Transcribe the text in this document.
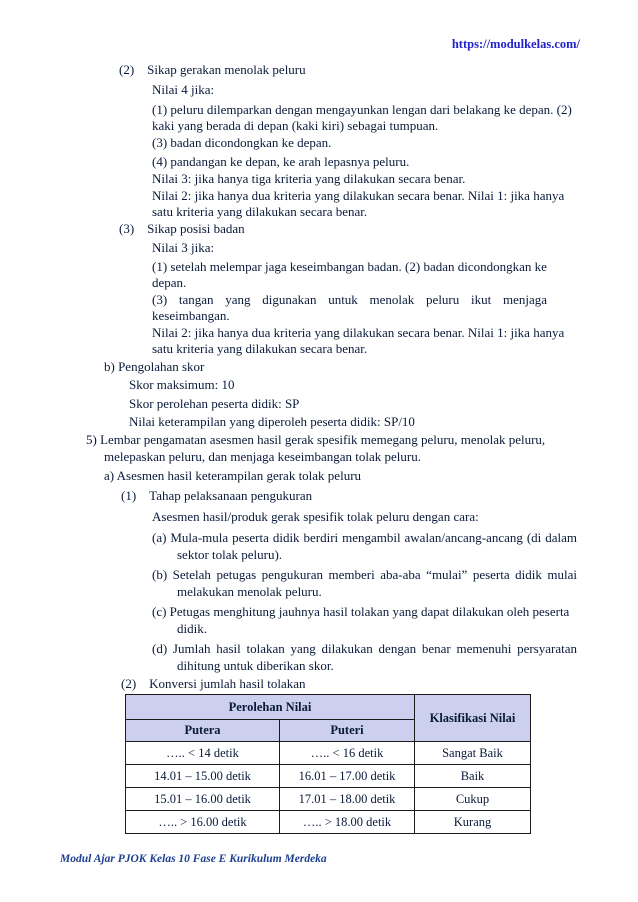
https://modulkelas.com/
(2) Sikap gerakan menolak peluru
Nilai 4 jika:
(1) peluru dilemparkan dengan mengayunkan lengan dari belakang ke depan. (2)
kaki yang berada di depan (kaki kiri) sebagai tumpuan.
(3) badan dicondongkan ke depan.
(4) pandangan ke depan, ke arah lepasnya peluru.
Nilai 3: jika hanya tiga kriteria yang dilakukan secara benar.
Nilai 2: jika hanya dua kriteria yang dilakukan secara benar. Nilai 1: jika hanya
satu kriteria yang dilakukan secara benar.
(3) Sikap posisi badan
Nilai 3 jika:
(1) setelah melempar jaga keseimbangan badan. (2) badan dicondongkan ke
depan.
(3) tangan yang digunakan untuk menolak peluru ikut menjaga
keseimbangan.
Nilai 2: jika hanya dua kriteria yang dilakukan secara benar. Nilai 1: jika hanya
satu kriteria yang dilakukan secara benar.
b) Pengolahan skor
Skor maksimum: 10
Skor perolehan peserta didik: SP
Nilai keterampilan yang diperoleh peserta didik: SP/10
5) Lembar pengamatan asesmen hasil gerak spesifik memegang peluru, menolak peluru,
melepaskan peluru, dan menjaga keseimbangan tolak peluru.
a) Asesmen hasil keterampilan gerak tolak peluru
(1) Tahap pelaksanaan pengukuran
Asesmen hasil/produk gerak spesifik tolak peluru dengan cara:
(a) Mula-mula peserta didik berdiri mengambil awalan/ancang-ancang (di dalam
sektor tolak peluru).
(b) Setelah petugas pengukuran memberi aba-aba “mulai” peserta didik mulai
melakukan menolak peluru.
(c) Petugas menghitung jauhnya hasil tolakan yang dapat dilakukan oleh peserta
didik.
(d) Jumlah hasil tolakan yang dilakukan dengan benar memenuhi persyaratan
dihitung untuk diberikan skor.
(2) Konversi jumlah hasil tolakan
Perolehan Nilai		Klasifikasi Nilai
Putera	Puteri	
….. < 14 detik	….. < 16 detik	Sangat Baik
14.01 – 15.00 detik	16.01 – 17.00 detik	Baik
15.01 – 16.00 detik	17.01 – 18.00 detik	Cukup
….. > 16.00 detik	….. > 18.00 detik	Kurang
Modul Ajar PJOK Kelas 10 Fase E Kurikulum Merdeka
